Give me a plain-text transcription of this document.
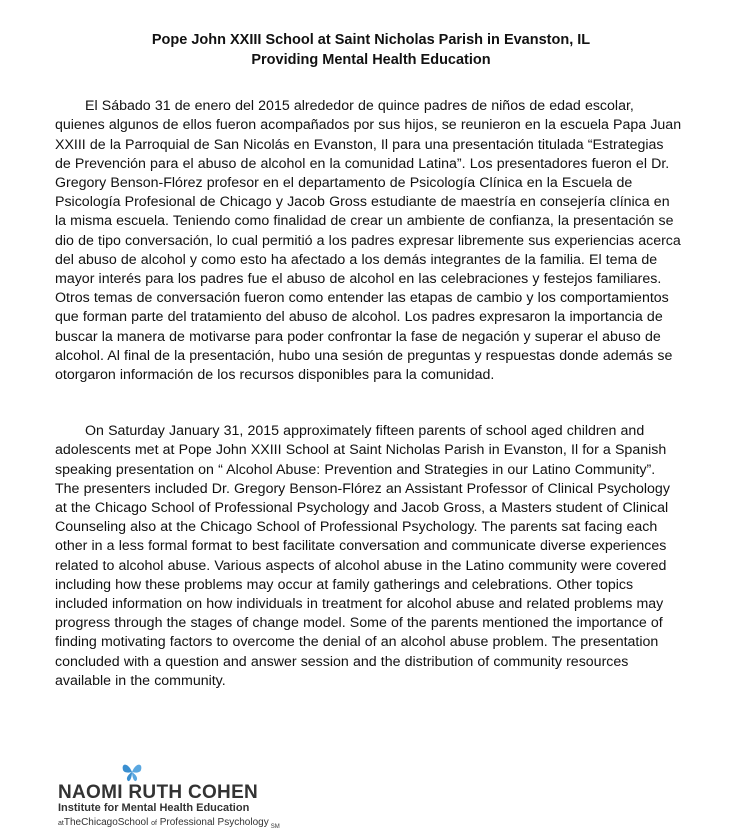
Pope John XXIII School at Saint Nicholas Parish in Evanston, IL
Providing Mental Health Education

El Sábado 31 de enero del 2015 alrededor de quince padres de niños de edad escolar, quienes algunos de ellos fueron acompañados por sus hijos, se reunieron en la escuela Papa Juan XXIII de la Parroquial de San Nicolás en Evanston, Il para una presentación titulada “Estrategias de Prevención para el abuso de alcohol en la comunidad Latina”. Los presentadores fueron el Dr. Gregory Benson-Flórez profesor en el departamento de Psicología Clínica en la Escuela de Psicología Profesional de Chicago y Jacob Gross estudiante de maestría en consejería clínica en la misma escuela. Teniendo como finalidad de crear un ambiente de confianza, la presentación se dio de tipo conversación, lo cual permitió a los padres expresar libremente sus experiencias acerca del abuso de alcohol y como esto ha afectado a los demás integrantes de la familia. El tema de mayor interés para los padres fue el abuso de alcohol en las celebraciones y festejos familiares. Otros temas de conversación fueron como entender las etapas de cambio y los comportamientos que forman parte del tratamiento del abuso de alcohol. Los padres expresaron la importancia de buscar la manera de motivarse para poder confrontar la fase de negación y superar el abuso de alcohol. Al final de la presentación, hubo una sesión de preguntas y respuestas donde además se otorgaron información de los recursos disponibles para la comunidad.

On Saturday January 31, 2015 approximately fifteen parents of school aged children and adolescents met at Pope John XXIII School at Saint Nicholas Parish in Evanston, Il for a Spanish speaking presentation on “ Alcohol Abuse: Prevention and Strategies in our Latino Community”. The presenters included Dr. Gregory Benson-Flórez an Assistant Professor of Clinical Psychology at the Chicago School of Professional Psychology and Jacob Gross, a Masters student of Clinical Counseling also at the Chicago School of Professional Psychology. The parents sat facing each other in a less formal format to best facilitate conversation and communicate diverse experiences related to alcohol abuse. Various aspects of alcohol abuse in the Latino community were covered including how these problems may occur at family gatherings and celebrations. Other topics included information on how individuals in treatment for alcohol abuse and related problems may progress through the stages of change model. Some of the parents mentioned the importance of finding motivating factors to overcome the denial of an alcohol abuse problem. The presentation concluded with a question and answer session and the distribution of community resources available in the community.

NAOMI RUTH COHEN
Institute for Mental Health Education
atTheChicagoSchool of Professional Psychology $_{SM}$
